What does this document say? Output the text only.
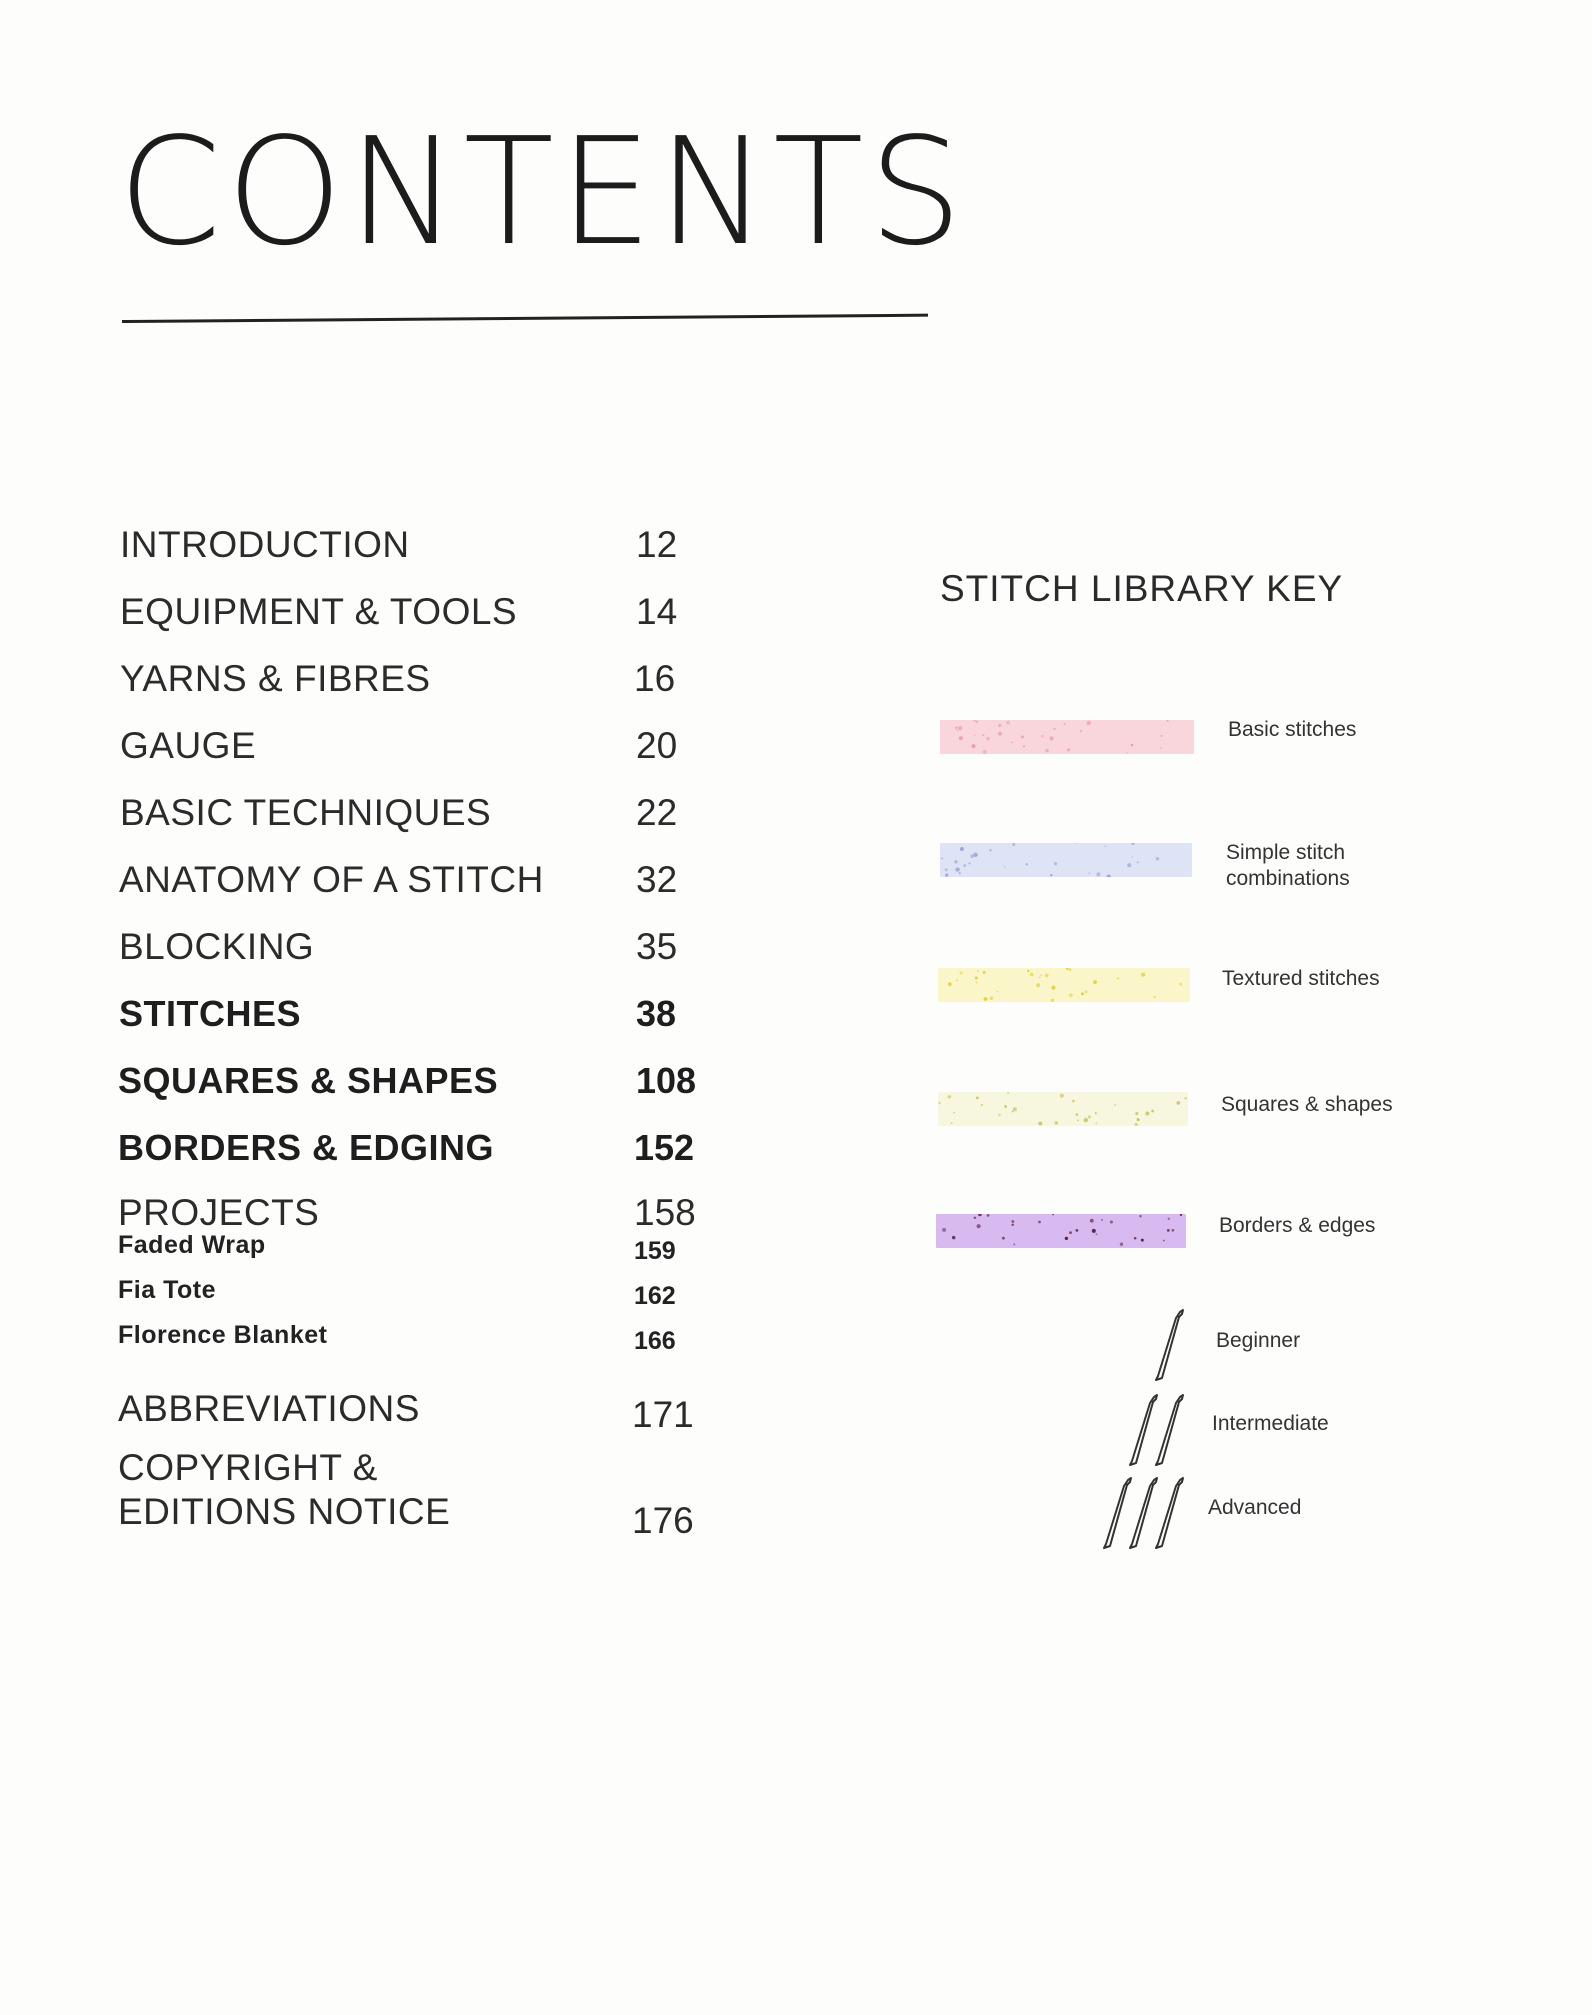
CONTENTS
INTRODUCTION	12
EQUIPMENT & TOOLS	14
YARNS & FIBRES	16
GAUGE	20
BASIC TECHNIQUES	22
ANATOMY OF A STITCH 32
BLOCKING	35
STITCHES	38
SQUARES & SHAPES	108
BORDERS & EDGING	152
PROJECTS	158
Faded Wrap	159
Fia Tote	162
Florence Blanket	166
ABBREVIATIONS	171
COPYRIGHT &
EDITIONS NOTICE	176
STITCH LIBRARY KEY
Basic stitches
Simple stitch
combinations
Textured stitches
Squares & shapes
Borders & edges
Beginner
Intermediate
Advanced
